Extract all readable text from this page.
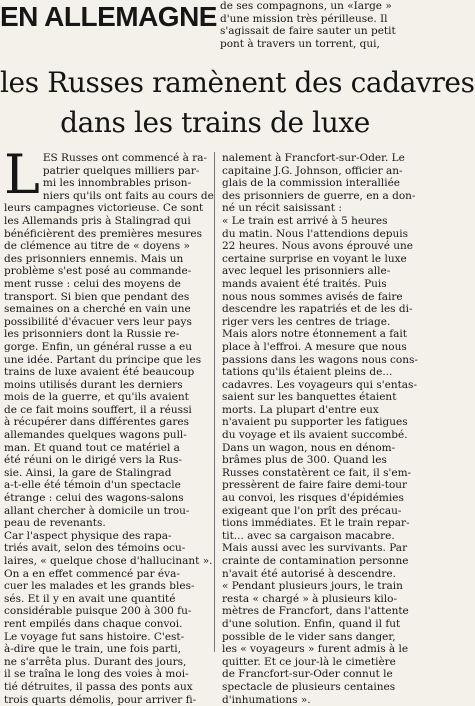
EN ALLEMAGNE de ses compagnons, un «Iarge »
d'une mission très périlleuse. Il
s'agissait de faire sauter un petit
pont à travers un torrent, qui,
les Russes ramènent des cadavres
dans les trains de luxe
L ES Russes ont commencé à ra-
patrier quelques milliers par-
mi les innombrables prison-
niers qu'ils ont faits au cours de
leurs campagnes victorieuse. Ce sont
les Allemands pris à Stalingrad qui
bénéficièrent des premières mesures
de clémence au titre de « doyens »
des prisonniers ennemis. Mais un
problème s'est posé au commande-
ment russe : celui des moyens de
transport. Si bien que pendant des
semaines on a cherché en vain une
possibilité d'évacuer vers leur pays
les prisonniers dont la Russie re-
gorge. Enfin, un général russe a eu
une idée. Partant du principe que les
trains de luxe avaient été beaucoup
moins utilisés durant les derniers
mois de la guerre, et qu'ils avaient
de ce fait moins souffert, il a réussi
à récupérer dans différentes gares
allemandes quelques wagons pull-
man. Et quand tout ce matériel a
été réuni on le dirigé vers la Rus-
sie. Ainsi, la gare de Stalingrad
a-t-elle été témoin d'un spectacle
étrange : celui des wagons-salons
allant chercher à domicile un trou-
peau de revenants.
Car l'aspect physique des rapa-
triés avait, selon des témoins ocu-
laires, « quelque chose d'hallucinant ».
On a en effet commencé par éva-
cuer les malades et les grands bles-
sés. Et il y en avait une quantité
considérable puisque 200 à 300 fu-
rent empilés dans chaque convoi.
Le voyage fut sans histoire. C'est-
à-dire que le train, une fois parti,
ne s'arrêta plus. Durant des jours,
il se traîna le long des voies à moi-
tié détruites, il passa des ponts aux
trois quarts démolis, pour arriver fi-
nalement à Francfort-sur-Oder. Le
capitaine J.G. Johnson, officier an-
glais de la commission interalliée
des prisonniers de guerre, en a don-
né un récit saisissant :
« Le train est arrivé à 5 heures
du matin. Nous l'attendions depuis
22 heures. Nous avons éprouvé une
certaine surprise en voyant le luxe
avec lequel les prisonniers alle-
mands avaient été traités. Puis
nous nous sommes avisés de faire
descendre les rapatriés et de les di-
riger vers les centres de triage.
Mais alors notre étonnement a fait
place à l'effroi. A mesure que nous
passions dans les wagons nous cons-
tations qu'ils étaient pleins de...
cadavres. Les voyageurs qui s'entas-
saient sur les banquettes étaient
morts. La plupart d'entre eux
n'avaient pu supporter les fatigues
du voyage et ils avaient succombé.
Dans un wagon, nous en dénom-
brâmes plus de 300. Quand les
Russes constatèrent ce fait, il s'em-
pressèrent de faire faire demi-tour
au convoi, les risques d'épidémies
exigeant que l'on prît des précau-
tions immédiates. Et le train repar-
tit... avec sa cargaison macabre.
Mais aussi avec les survivants. Par
crainte de contamination personne
n'avait été autorisé à descendre.
« Pendant plusieurs jours, le train
resta « chargé » à plusieurs kilo-
mètres de Francfort, dans l'attente
d'une solution. Enfin, quand il fut
possible de le vider sans danger,
les « voyageurs » furent admis à le
quitter. Et ce jour-là le cimetière
de Francfort-sur-Oder connut le
spectacle de plusieurs centaines
d'inhumations ».
